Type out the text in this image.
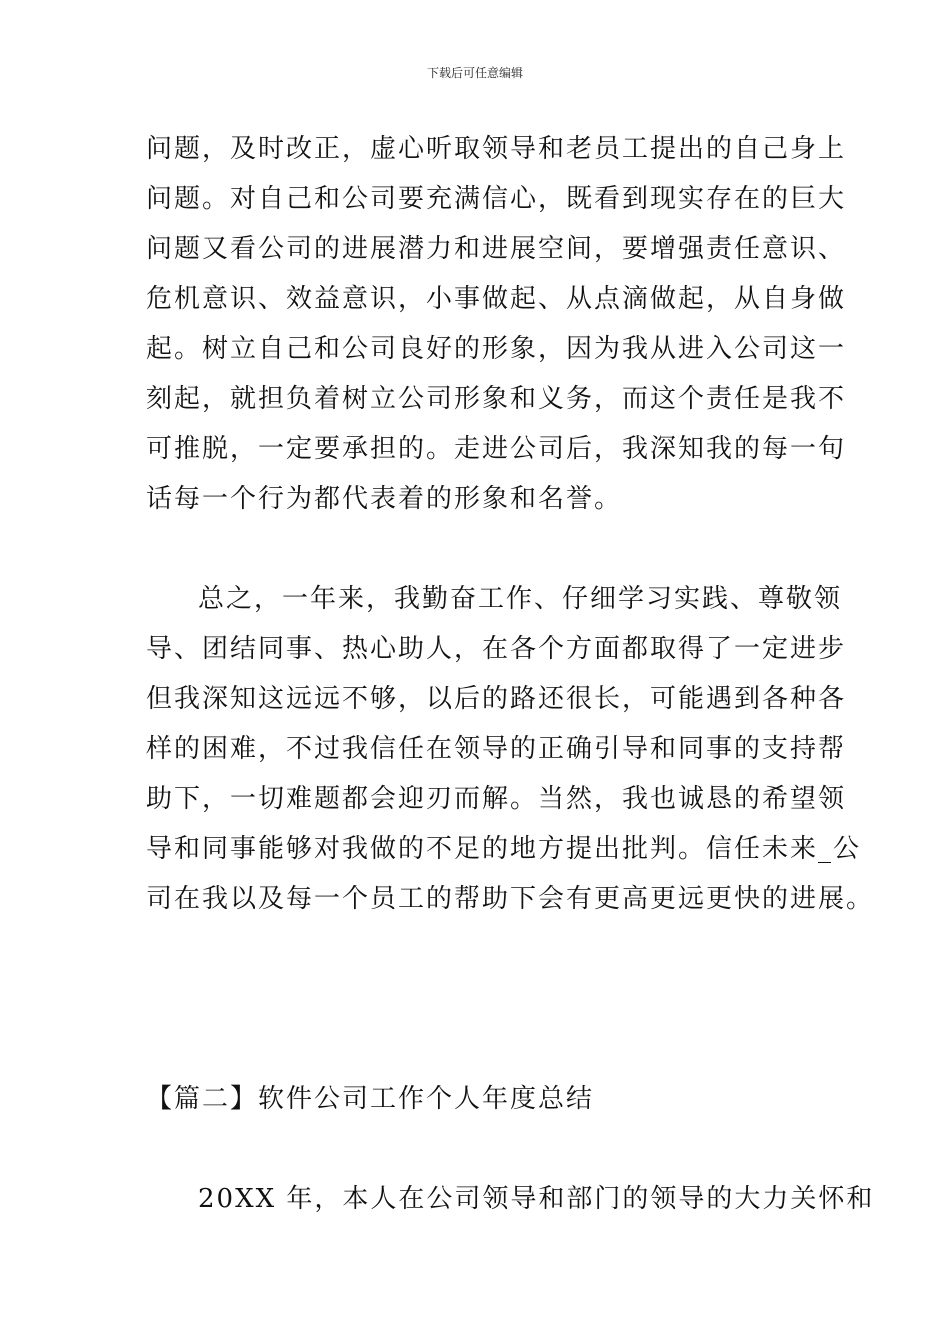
下载后可任意编辑
问题，及时改正，虚心听取领导和老员工提出的自己身上
问题。对自己和公司要充满信心，既看到现实存在的巨大
问题又看公司的进展潜力和进展空间，要增强责任意识、
危机意识、效益意识，小事做起、从点滴做起，从自身做
起。树立自己和公司良好的形象，因为我从进入公司这一
刻起，就担负着树立公司形象和义务，而这个责任是我不
可推脱，一定要承担的。走进公司后，我深知我的每一句
话每一个行为都代表着的形象和名誉。
总之，一年来，我勤奋工作、仔细学习实践、尊敬领
导、团结同事、热心助人，在各个方面都取得了一定进步
但我深知这远远不够，以后的路还很长，可能遇到各种各
样的困难，不过我信任在领导的正确引导和同事的支持帮
助下，一切难题都会迎刃而解。当然，我也诚恳的希望领
导和同事能够对我做的不足的地方提出批判。信任未来_公
司在我以及每一个员工的帮助下会有更高更远更快的进展。
【篇二】软件公司工作个人年度总结
20XX 年，本人在公司领导和部门的领导的大力关怀和
